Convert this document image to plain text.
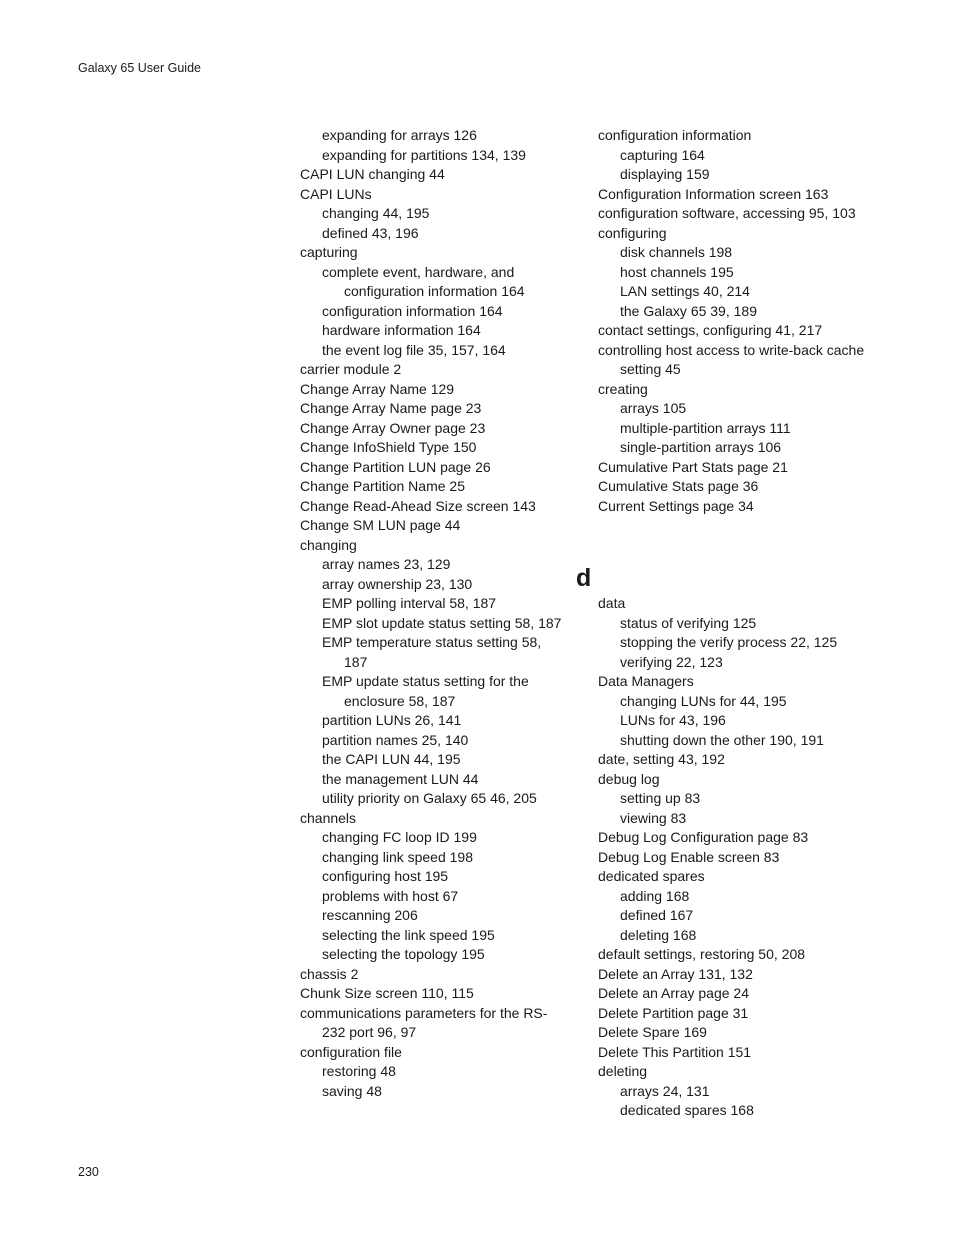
Galaxy 65 User Guide
expanding for arrays 126
expanding for partitions 134, 139
CAPI LUN changing 44
CAPI LUNs
changing 44, 195
defined 43, 196
capturing
complete event, hardware, and configuration information 164
configuration information 164
hardware information 164
the event log file 35, 157, 164
carrier module 2
Change Array Name 129
Change Array Name page 23
Change Array Owner page 23
Change InfoShield Type 150
Change Partition LUN page 26
Change Partition Name 25
Change Read-Ahead Size screen 143
Change SM LUN page 44
changing
array names 23, 129
array ownership 23, 130
EMP polling interval 58, 187
EMP slot update status setting 58, 187
EMP temperature status setting 58, 187
EMP update status setting for the enclosure 58, 187
partition LUNs 26, 141
partition names 25, 140
the CAPI LUN 44, 195
the management LUN 44
utility priority on Galaxy 65 46, 205
channels
changing FC loop ID 199
changing link speed 198
configuring host 195
problems with host 67
rescanning 206
selecting the link speed 195
selecting the topology 195
chassis 2
Chunk Size screen 110, 115
communications parameters for the RS-232 port 96, 97
configuration file
restoring 48
saving 48
configuration information
capturing 164
displaying 159
Configuration Information screen 163
configuration software, accessing 95, 103
configuring
disk channels 198
host channels 195
LAN settings 40, 214
the Galaxy 65 39, 189
contact settings, configuring 41, 217
controlling host access to write-back cache setting 45
creating
arrays 105
multiple-partition arrays 111
single-partition arrays 106
Cumulative Part Stats page 21
Cumulative Stats page 36
Current Settings page 34
d
data
status of verifying 125
stopping the verify process 22, 125
verifying 22, 123
Data Managers
changing LUNs for 44, 195
LUNs for 43, 196
shutting down the other 190, 191
date, setting 43, 192
debug log
setting up 83
viewing 83
Debug Log Configuration page 83
Debug Log Enable screen 83
dedicated spares
adding 168
defined 167
deleting 168
default settings, restoring 50, 208
Delete an Array 131, 132
Delete an Array page 24
Delete Partition page 31
Delete Spare 169
Delete This Partition 151
deleting
arrays 24, 131
dedicated spares 168
230
